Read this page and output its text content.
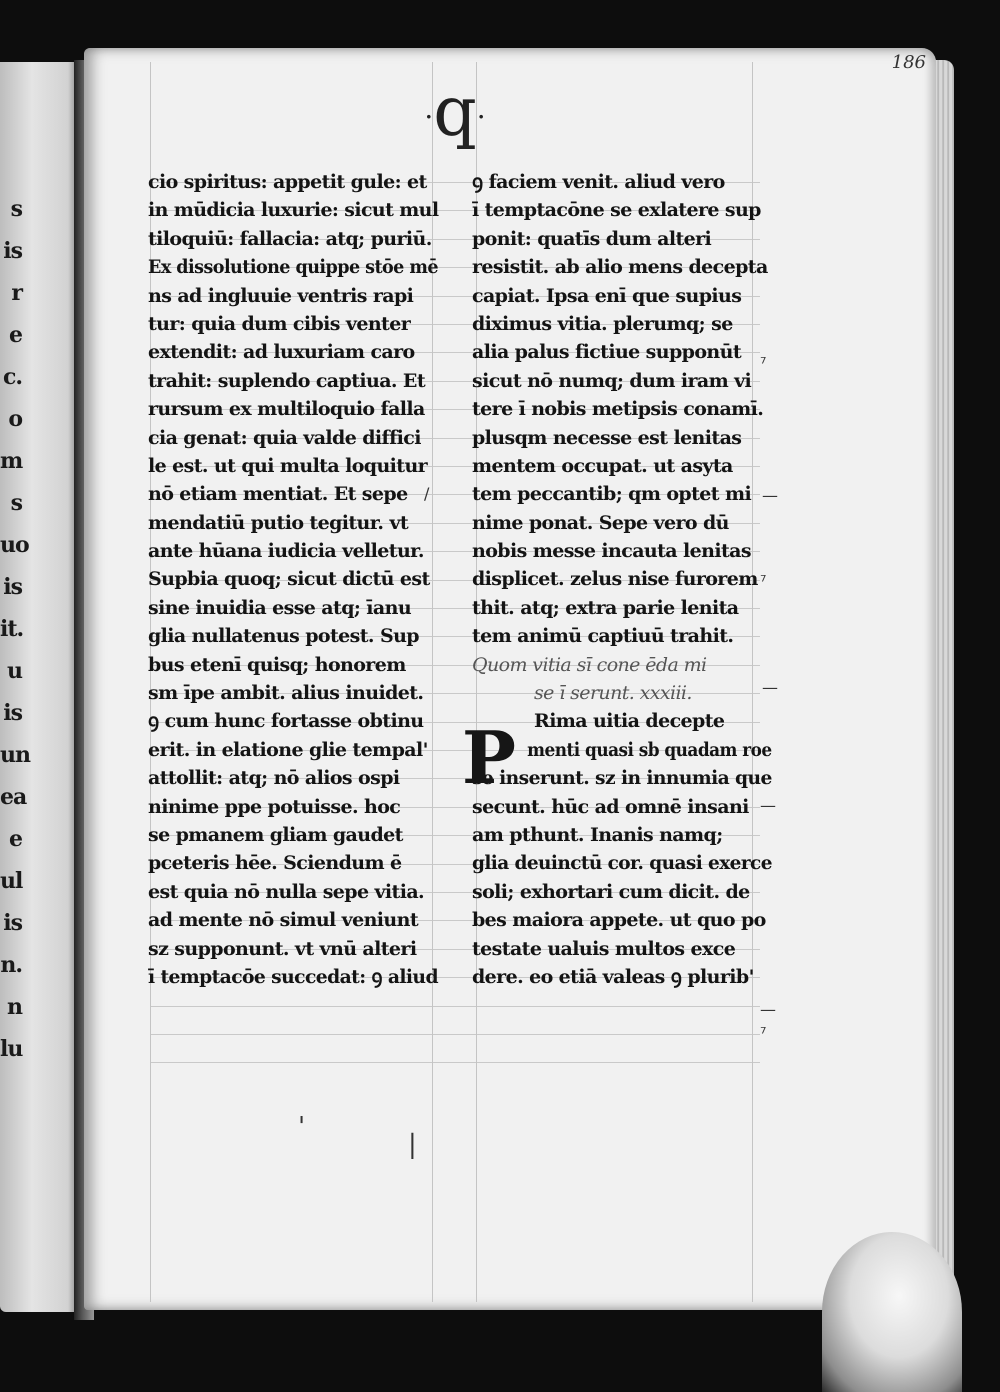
s
is
r
e
c.
o
m
s
uo
is
it.
u
is
un
ea
e
ul
is
n.
n
lu
186
·q·
cio spiritus: appetit gule: et
in mūdicia luxurie: sicut mul
tiloquiū: fallacia: atq; puriū.
Ex dissolutione quippe stōe mē
ns ad ingluuie ventris rapi
tur: quia dum cibis venter
extendit: ad luxuriam caro
trahit: suplendo captiua. Et
rursum ex multiloquio falla
cia genat: quia valde diffici
le est. ut qui multa loquitur
nō etiam mentiat. Et sepe
mendatiū putio tegitur. vt
ante hūana iudicia velletur.
Supbia quoq; sicut dictū est
sine inuidia esse atq; īanu
glia nullatenus potest. Sup
bus etenī quisq; honorem
sm īpe ambit. alius inuidet.
ꝯ cum hunc fortasse obtinu
erit. in elatione glie tempal'
attollit: atq; nō alios ospi
ninime ppe potuisse. hoc
se pmanem gliam gaudet
pceteris hēe. Sciendum ē
est quia nō nulla sepe vitia.
ad mente nō simul veniunt
sz supponunt. vt vnū alteri
ī temptacōe succedat: ꝯ aliud
ꝯ faciem venit. aliud vero
ī temptacōne se exlatere sup
ponit: quatīs dum alteri
resistit. ab alio mens decepta
capiat. Ipsa enī que supius
diximus vitia. plerumq; se
alia palus fictiue supponūt
sicut nō numq; dum iram vi
tere ī nobis metipsis conamī.
plusqm necesse est lenitas
mentem occupat. ut asyta
tem peccantib; qm optet mi
nime ponat. Sepe vero dū
nobis messe incauta lenitas
displicet. zelus nise furorem
thit. atq; extra parie lenita
tem animū captiuū trahit.
Quom vitia sī cone ēda mi
se ī serunt. xxxiii.
Rima uitia decepte
menti quasi sb quadam roe
se inserunt. sz in innumia que
secunt. hūc ad omnē insani
am pthunt. Inanis namq;
glia deuinctū cor. quasi exerce
soli; exhortari cum dicit. de
bes maiora appete. ut quo po
testate ualuis multos exce
dere. eo etiā valeas ꝯ plurib'
P
/
⁷
—
⁷
—
—
—
⁷
'
|
